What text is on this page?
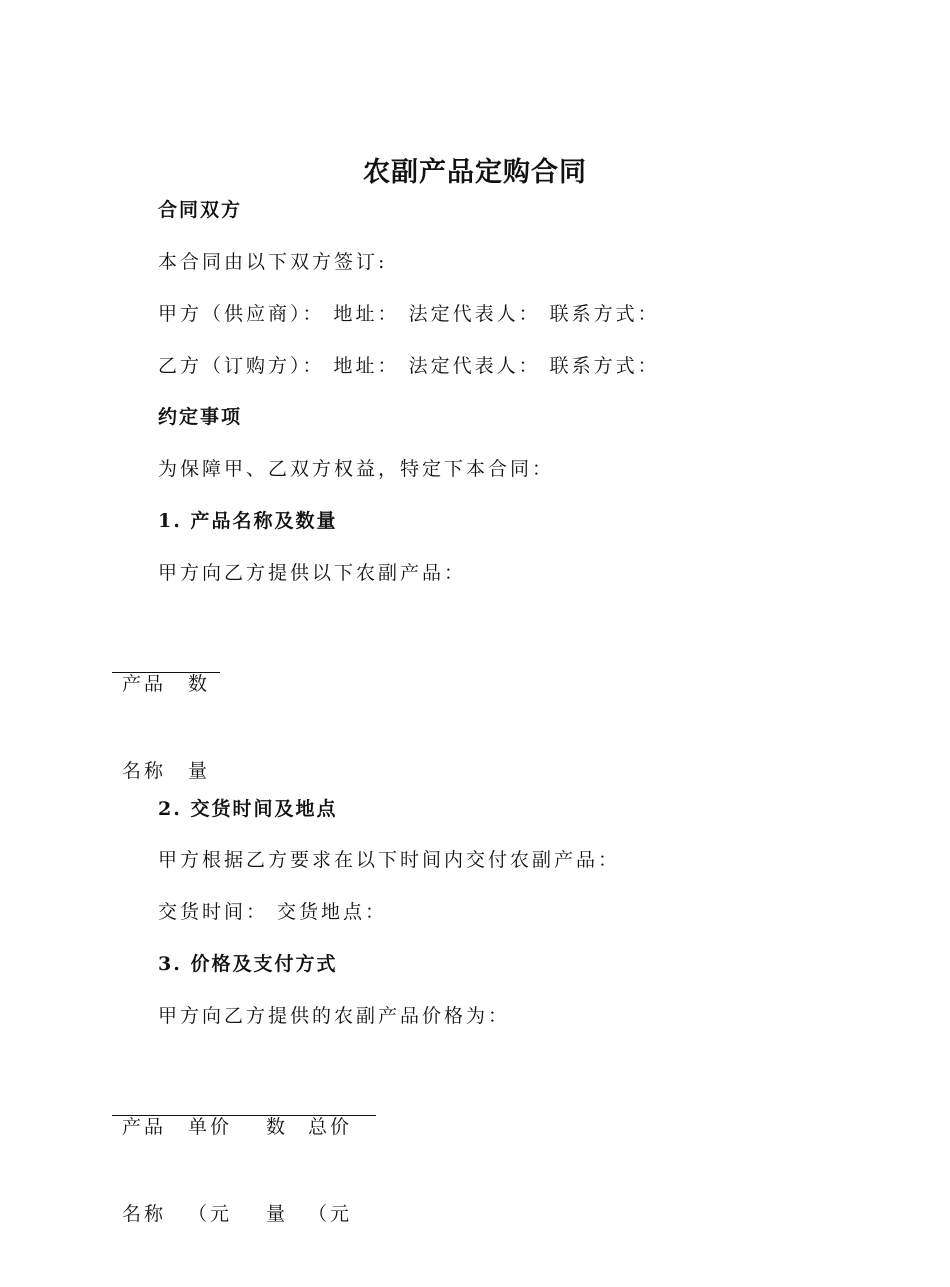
农副产品定购合同
合同双方
本合同由以下双方签订:
甲方（供应商）： 地址： 法定代表人： 联系方式：
乙方（订购方）： 地址： 法定代表人： 联系方式：
约定事项
为保障甲、乙双方权益，特定下本合同：
1. 产品名称及数量
甲方向乙方提供以下农副产品：

产品

名称

数

量

2. 交货时间及地点
甲方根据乙方要求在以下时间内交付农副产品：
交货时间： 交货地点：
3. 价格及支付方式
甲方向乙方提供的农副产品价格为：

产品

名称

单价

（元

数

量

总价

（元
